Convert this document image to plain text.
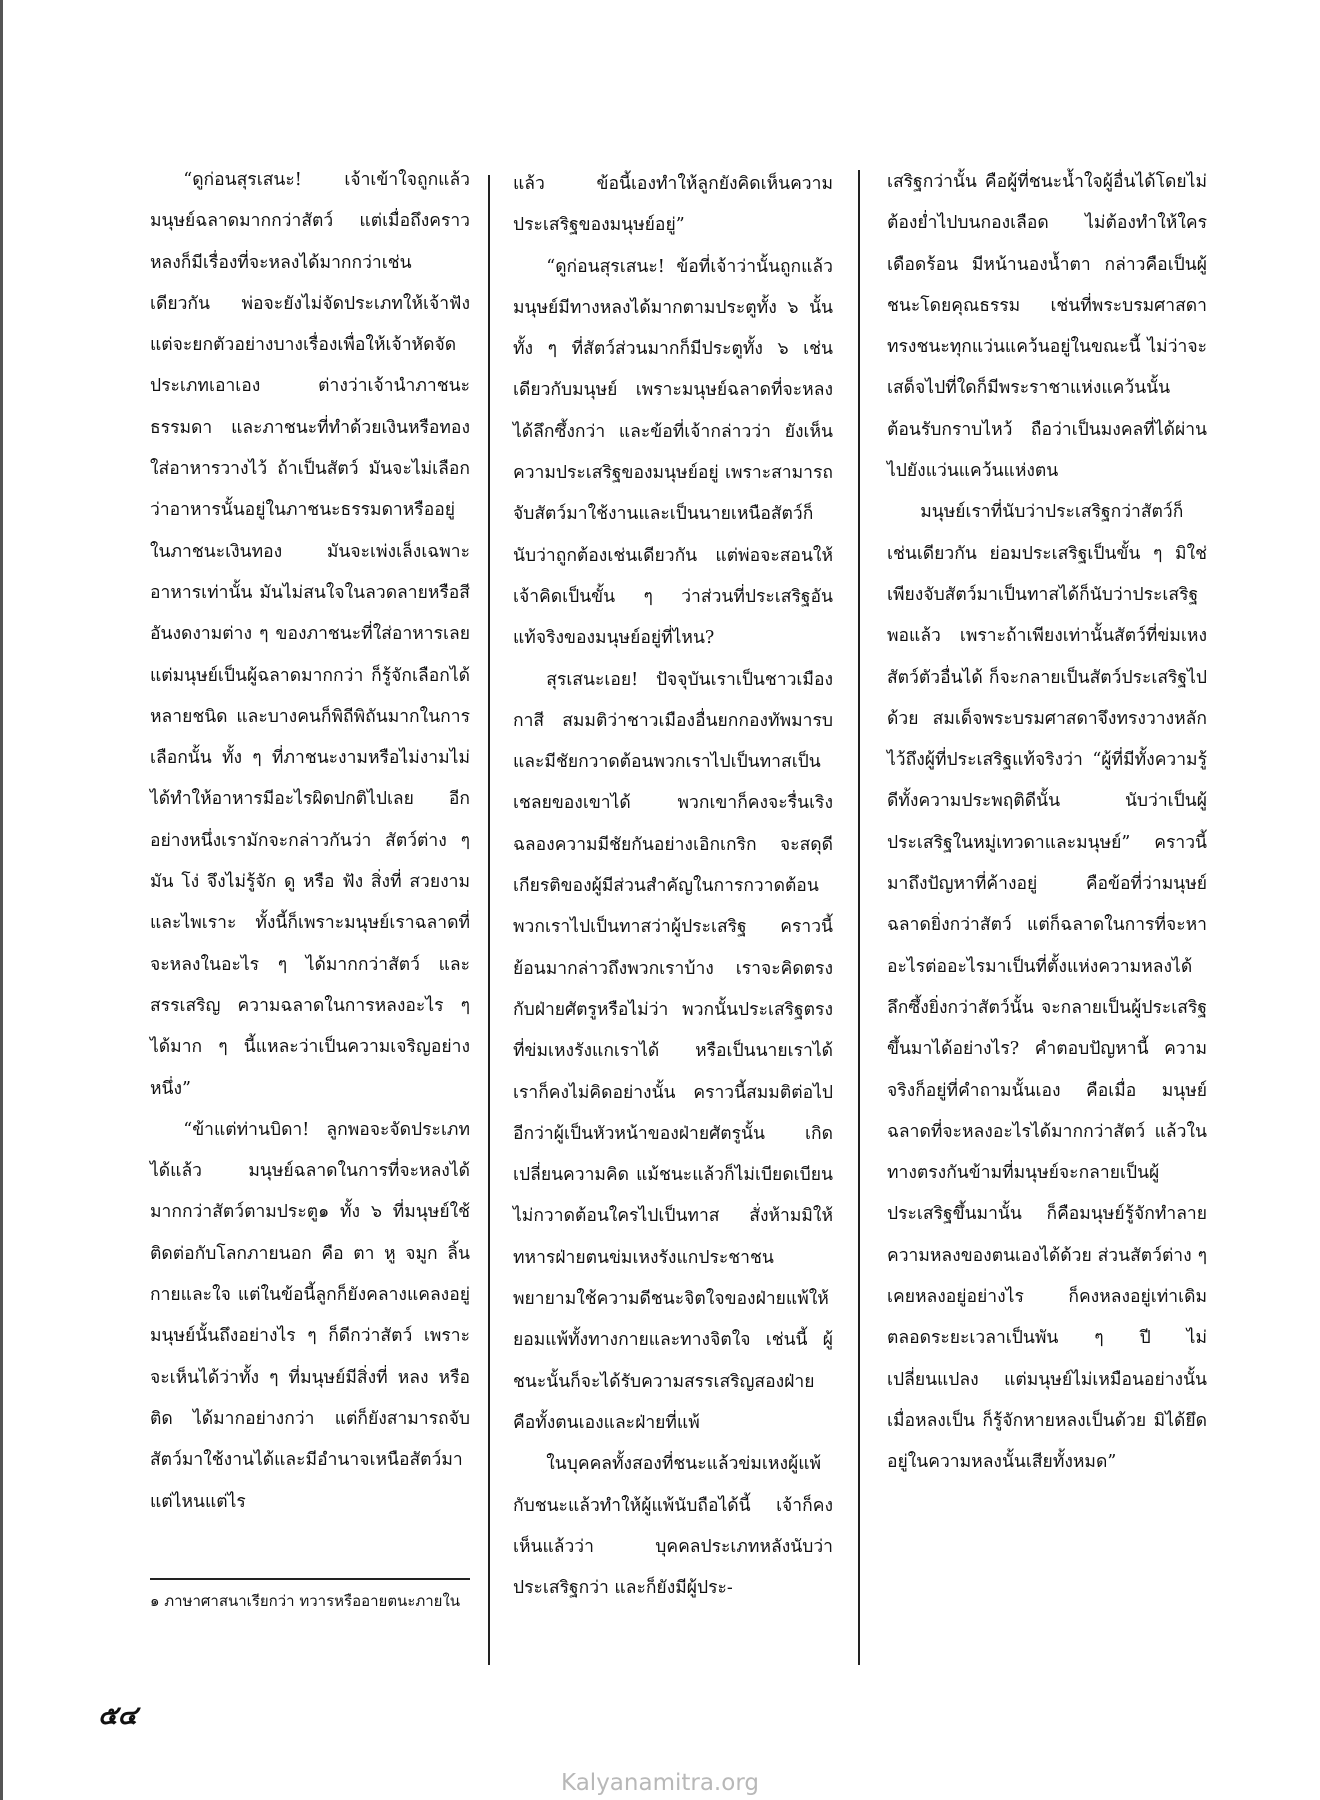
“ดูก่อนสุรเสนะ! เจ้าเข้าใจถูกแล้ว มนุษย์ฉลาดมากกว่าสัตว์ แต่เมื่อถึงคราวหลงก็มีเรื่องที่จะหลงได้มากกว่าเช่นเดียวกัน พ่อจะยังไม่จัดประเภทให้เจ้าฟัง แต่จะยกตัวอย่างบางเรื่องเพื่อให้เจ้าหัดจัดประเภทเอาเอง ต่างว่าเจ้านำภาชนะธรรมดา และภาชนะที่ทำด้วยเงินหรือทองใส่อาหารวางไว้ ถ้าเป็นสัตว์ มันจะไม่เลือกว่าอาหารนั้นอยู่ในภาชนะธรรมดาหรืออยู่ในภาชนะเงินทอง มันจะเพ่งเล็งเฉพาะอาหารเท่านั้น มันไม่สนใจในลวดลายหรือสีอันงดงามต่าง ๆ ของภาชนะที่ใส่อาหารเลย แต่มนุษย์เป็นผู้ฉลาดมากกว่า ก็รู้จักเลือกได้หลายชนิด และบางคนก็พิถีพิถันมากในการเลือกนั้น ทั้ง ๆ ที่ภาชนะงามหรือไม่งามไม่ได้ทำให้อาหารมีอะไรผิดปกติไปเลย อีกอย่างหนึ่งเรามักจะกล่าวกันว่า สัตว์ต่าง ๆ มัน โง่ จึงไม่รู้จัก ดู หรือ ฟัง สิ่งที่ สวยงาม และไพเราะ ทั้งนี้ก็เพราะมนุษย์เราฉลาดที่จะหลงในอะไร ๆ ได้มากกว่าสัตว์ และสรรเสริญ ความฉลาดในการหลงอะไร ๆ ได้มาก ๆ นี้แหละว่าเป็นความเจริญอย่างหนึ่ง”

“ข้าแต่ท่านบิดา! ลูกพอจะจัดประเภทได้แล้ว มนุษย์ฉลาดในการที่จะหลงได้มากกว่าสัตว์ตามประตู๑ ทั้ง ๖ ที่มนุษย์ใช้ติดต่อกับโลกภายนอก คือ ตา หู จมูก ลิ้น กายและใจ แต่ในข้อนี้ลูกก็ยังคลางแคลงอยู่ มนุษย์นั้นถึงอย่างไร ๆ ก็ดีกว่าสัตว์ เพราะจะเห็นได้ว่าทั้ง ๆ ที่มนุษย์มีสิ่งที่ หลง หรือ ติด ได้มากอย่างกว่า แต่ก็ยังสามารถจับสัตว์มาใช้งานได้และมีอำนาจเหนือสัตว์มาแต่ไหนแต่ไร

แล้ว ข้อนี้เองทำให้ลูกยังคิดเห็นความประเสริฐของมนุษย์อยู่”

“ดูก่อนสุรเสนะ! ข้อที่เจ้าว่านั้นถูกแล้ว มนุษย์มีทางหลงได้มากตามประตูทั้ง ๖ นั้น ทั้ง ๆ ที่สัตว์ส่วนมากก็มีประตูทั้ง ๖ เช่นเดียวกับมนุษย์ เพราะมนุษย์ฉลาดที่จะหลงได้ลึกซึ้งกว่า และข้อที่เจ้ากล่าวว่า ยังเห็นความประเสริฐของมนุษย์อยู่ เพราะสามารถจับสัตว์มาใช้งานและเป็นนายเหนือสัตว์ก็นับว่าถูกต้องเช่นเดียวกัน แต่พ่อจะสอนให้เจ้าคิดเป็นขั้น ๆ ว่าส่วนที่ประเสริฐอันแท้จริงของมนุษย์อยู่ที่ไหน?

สุรเสนะเอย! ปัจจุบันเราเป็นชาวเมืองกาสี สมมติว่าชาวเมืองอื่นยกกองทัพมารบ และมีชัยกวาดต้อนพวกเราไปเป็นทาสเป็นเชลยของเขาได้ พวกเขาก็คงจะรื่นเริงฉลองความมีชัยกันอย่างเอิกเกริก จะสดุดีเกียรติของผู้มีส่วนสำคัญในการกวาดต้อนพวกเราไปเป็นทาสว่าผู้ประเสริฐ คราวนี้ย้อนมากล่าวถึงพวกเราบ้าง เราจะคิดตรงกับฝ่ายศัตรูหรือไม่ว่า พวกนั้นประเสริฐตรงที่ข่มเหงรังแกเราได้ หรือเป็นนายเราได้ เราก็คงไม่คิดอย่างนั้น คราวนี้สมมติต่อไปอีกว่าผู้เป็นหัวหน้าของฝ่ายศัตรูนั้น เกิดเปลี่ยนความคิด แม้ชนะแล้วก็ไม่เบียดเบียนไม่กวาดต้อนใครไปเป็นทาส สั่งห้ามมิให้ทหารฝ่ายตนข่มเหงรังแกประชาชน พยายามใช้ความดีชนะจิตใจของฝ่ายแพ้ให้ยอมแพ้ทั้งทางกายและทางจิตใจ เช่นนี้ ผู้ชนะนั้นก็จะได้รับความสรรเสริญสองฝ่าย คือทั้งตนเองและฝ่ายที่แพ้

ในบุคคลทั้งสองที่ชนะแล้วข่มเหงผู้แพ้ กับชนะแล้วทำให้ผู้แพ้นับถือได้นี้ เจ้าก็คงเห็นแล้วว่า บุคคลประเภทหลังนับว่าประเสริฐกว่า และก็ยังมีผู้ประ-

เสริฐกว่านั้น คือผู้ที่ชนะน้ำใจผู้อื่นได้โดยไม่ต้องย่ำไปบนกองเลือด ไม่ต้องทำให้ใครเดือดร้อน มีหน้านองน้ำตา กล่าวคือเป็นผู้ชนะโดยคุณธรรม เช่นที่พระบรมศาสดาทรงชนะทุกแว่นแคว้นอยู่ในขณะนี้ ไม่ว่าจะเสด็จไปที่ใดก็มีพระราชาแห่งแคว้นนั้นต้อนรับกราบไหว้ ถือว่าเป็นมงคลที่ได้ผ่านไปยังแว่นแคว้นแห่งตน

มนุษย์เราที่นับว่าประเสริฐกว่าสัตว์ก็เช่นเดียวกัน ย่อมประเสริฐเป็นขั้น ๆ มิใช่เพียงจับสัตว์มาเป็นทาสได้ก็นับว่าประเสริฐพอแล้ว เพราะถ้าเพียงเท่านั้นสัตว์ที่ข่มเหงสัตว์ตัวอื่นได้ ก็จะกลายเป็นสัตว์ประเสริฐไปด้วย สมเด็จพระบรมศาสดาจึงทรงวางหลักไว้ถึงผู้ที่ประเสริฐแท้จริงว่า “ผู้ที่มีทั้งความรู้ดีทั้งความประพฤติดีนั้น นับว่าเป็นผู้ประเสริฐในหมู่เทวดาและมนุษย์” คราวนี้มาถึงปัญหาที่ค้างอยู่ คือข้อที่ว่ามนุษย์ฉลาดยิ่งกว่าสัตว์ แต่ก็ฉลาดในการที่จะหาอะไรต่ออะไรมาเป็นที่ตั้งแห่งความหลงได้ลึกซึ้งยิ่งกว่าสัตว์นั้น จะกลายเป็นผู้ประเสริฐขึ้นมาได้อย่างไร? คำตอบปัญหานี้ ความจริงก็อยู่ที่คำถามนั้นเอง คือเมื่อ มนุษย์ฉลาดที่จะหลงอะไรได้มากกว่าสัตว์ แล้วในทางตรงกันข้ามที่มนุษย์จะกลายเป็นผู้ประเสริฐขึ้นมานั้น ก็คือมนุษย์รู้จักทำลายความหลงของตนเองได้ด้วย ส่วนสัตว์ต่าง ๆ เคยหลงอยู่อย่างไร ก็คงหลงอยู่เท่าเดิมตลอดระยะเวลาเป็นพัน ๆ ปี ไม่เปลี่ยนแปลง แต่มนุษย์ไม่เหมือนอย่างนั้น เมื่อหลงเป็น ก็รู้จักหายหลงเป็นด้วย มิได้ยึดอยู่ในความหลงนั้นเสียทั้งหมด”

๑ ภาษาศาสนาเรียกว่า ทวารหรืออายตนะภายใน
๕๔
Kalyanamitra.org
